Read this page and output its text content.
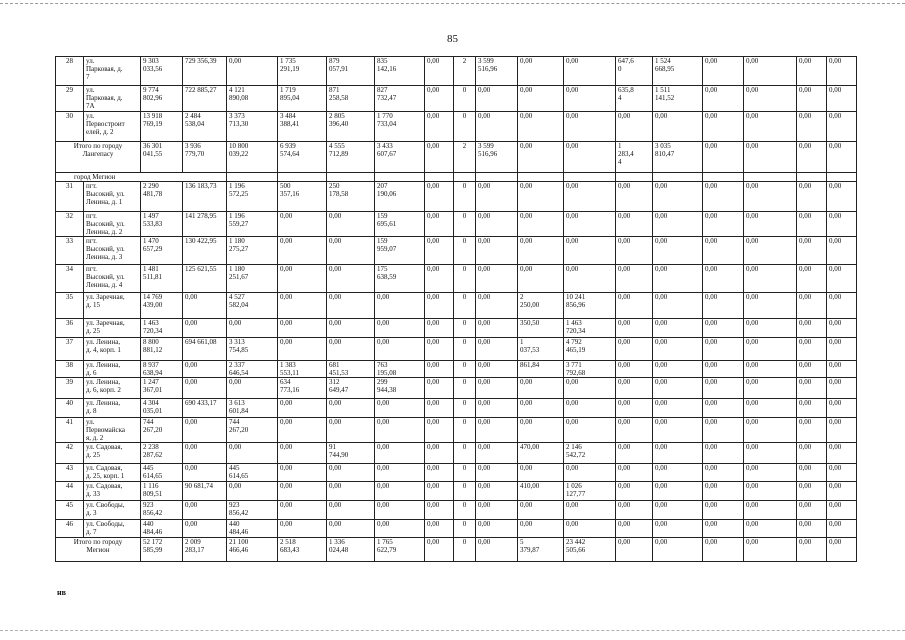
85
28	ул.
Парковая, д.
7	9 303
033,56	729 356,39	0,00	1 735
291,19	879
057,91	835
142,16	0,00	2	3 599
516,96	0,00	0,00	647,6
0	1 524
668,95	0,00	0,00	0,00	0,00
29	ул.
Парковая, д.
7А	9 774
802,96	722 885,27	4 121
890,08	1 719
895,04	871
258,58	827
732,47	0,00	0	0,00	0,00	0,00	635,8
4	1 511
141,52	0,00	0,00	0,00	0,00
30	ул.
Первостроит
елей, д. 2	13 918
769,19	2 484
538,04	3 373
713,30	3 484
388,41	2 805
396,40	1 770
733,04	0,00	0	0,00	0,00	0,00	0,00	0,00	0,00	0,00	0,00	0,00
Итого по городу
Лангепасу		36 301
041,55	3 936
779,70	10 800
039,22	6 939
574,64	4 555
712,89	3 433
607,67	0,00	2	3 599
516,96	0,00	0,00	1
283,4
4	3 035
810,47	0,00	0,00	0,00	0,00
город Мегион																		
31	пгт.
Высокий, ул.
Ленина, д. 1	2 290
481,78	136 183,73	1 196
572,25	500
357,16	250
178,58	207
190,06	0,00	0	0,00	0,00	0,00	0,00	0,00	0,00	0,00	0,00	0,00
32	пгт.
Высокий, ул.
Ленина, д. 2	1 497
533,83	141 278,95	1 196
559,27	0,00	0,00	159
695,61	0,00	0	0,00	0,00	0,00	0,00	0,00	0,00	0,00	0,00	0,00
33	пгт.
Высокий, ул.
Ленина, д. 3	1 470
657,29	130 422,95	1 180
275,27	0,00	0,00	159
959,07	0,00	0	0,00	0,00	0,00	0,00	0,00	0,00	0,00	0,00	0,00
34	пгт.
Высокий, ул.
Ленина, д. 4	1 481
511,81	125 621,55	1 180
251,67	0,00	0,00	175
638,59	0,00	0	0,00	0,00	0,00	0,00	0,00	0,00	0,00	0,00	0,00
35	ул. Заречная,
д. 15	14 769
439,00	0,00	4 527
582,04	0,00	0,00	0,00	0,00	0	0,00	2
250,00	10 241
856,96	0,00	0,00	0,00	0,00	0,00	0,00
36	ул. Заречная,
д. 25	1 463
720,34	0,00	0,00	0,00	0,00	0,00	0,00	0	0,00	350,50	1 463
720,34	0,00	0,00	0,00	0,00	0,00	0,00
37	ул. Ленина,
д. 4, корп. 1	8 800
881,12	694 661,08	3 313
754,85	0,00	0,00	0,00	0,00	0	0,00	1
037,53	4 792
465,19	0,00	0,00	0,00	0,00	0,00	0,00
38	ул. Ленина,
д. 6	8 937
638,94	0,00	2 337
646,54	1 383
553,11	681
451,53	763
195,08	0,00	0	0,00	861,84	3 771
792,68	0,00	0,00	0,00	0,00	0,00	0,00
39	ул. Ленина,
д. 6, корп. 2	1 247
367,01	0,00	0,00	634
773,16	312
649,47	299
944,38	0,00	0	0,00	0,00	0,00	0,00	0,00	0,00	0,00	0,00	0,00
40	ул. Ленина,
д. 8	4 304
035,01	690 433,17	3 613
601,84	0,00	0,00	0,00	0,00	0	0,00	0,00	0,00	0,00	0,00	0,00	0,00	0,00	0,00
41	ул.
Первомайска
я, д. 2	744
267,20	0,00	744
267,20	0,00	0,00	0,00	0,00	0	0,00	0,00	0,00	0,00	0,00	0,00	0,00	0,00	0,00
42	ул. Садовая,
д. 25	2 238
287,62	0,00	0,00	0,00	91
744,90	0,00	0,00	0	0,00	470,00	2 146
542,72	0,00	0,00	0,00	0,00	0,00	0,00
43	ул. Садовая,
д. 25, корп. 1	445
614,65	0,00	445
614,65	0,00	0,00	0,00	0,00	0	0,00	0,00	0,00	0,00	0,00	0,00	0,00	0,00	0,00
44	ул. Садовая,
д. 33	1 116
809,51	90 681,74	0,00	0,00	0,00	0,00	0,00	0	0,00	410,00	1 026
127,77	0,00	0,00	0,00	0,00	0,00	0,00
45	ул. Свободы,
д. 3	923
856,42	0,00	923
856,42	0,00	0,00	0,00	0,00	0	0,00	0,00	0,00	0,00	0,00	0,00	0,00	0,00	0,00
46	ул. Свободы,
д. 7	440
484,46	0,00	440
484,46	0,00	0,00	0,00	0,00	0	0,00	0,00	0,00	0,00	0,00	0,00	0,00	0,00	0,00
Итого по городу
Мегион		52 172
585,99	2 009
283,17	21 100
466,46	2 518
683,43	1 336
024,48	1 765
622,79	0,00	0	0,00	5
379,87	23 442
505,66	0,00	0,00	0,00	0,00	0,00	0,00
нв
